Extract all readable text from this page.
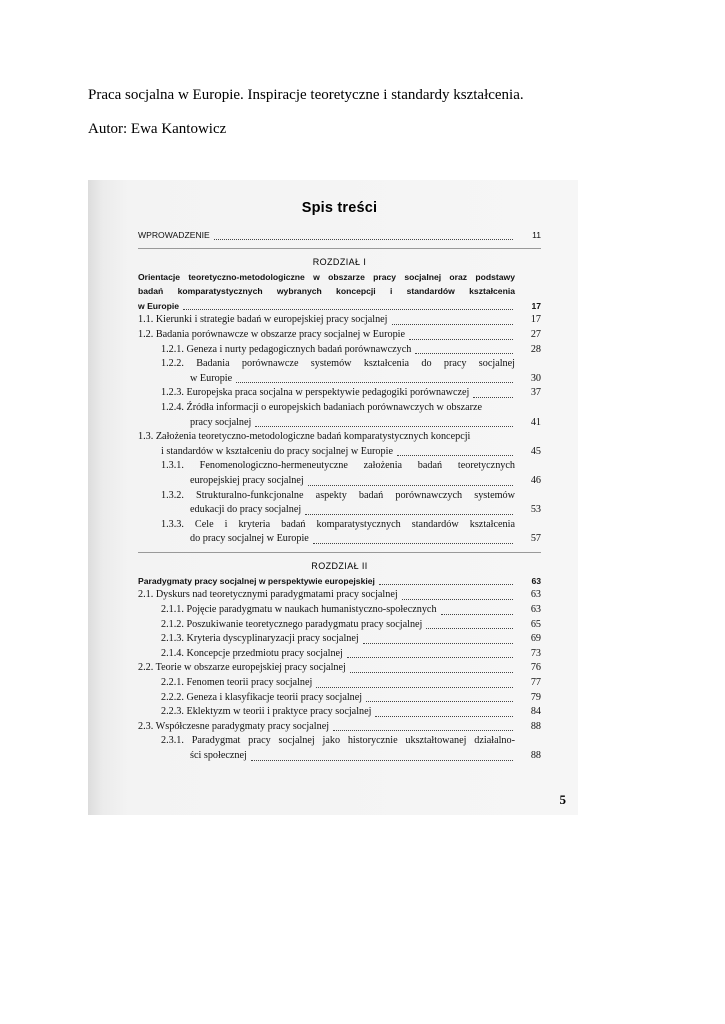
Praca socjalna w Europie. Inspiracje teoretyczne i standardy kształcenia.

Autor: Ewa Kantowicz

Spis treści
WPROWADZENIE	11
ROZDZIAŁ I
Orientacje teoretyczno-metodologiczne w obszarze pracy socjalnej oraz podstawy
badań komparatystycznych wybranych koncepcji i standardów kształcenia
w Europie	17
1.1. Kierunki i strategie badań w europejskiej pracy socjalnej	17
1.2. Badania porównawcze w obszarze pracy socjalnej w Europie	27
1.2.1. Geneza i nurty pedagogicznych badań porównawczych	28
1.2.2. Badania porównawcze systemów kształcenia do pracy socjalnej
w Europie	30
1.2.3. Europejska praca socjalna w perspektywie pedagogiki porównawczej	37
1.2.4. Źródła informacji o europejskich badaniach porównawczych w obszarze
pracy socjalnej	41
1.3. Założenia teoretyczno-metodologiczne badań komparatystycznych koncepcji
i standardów w kształceniu do pracy socjalnej w Europie	45
1.3.1. Fenomenologiczno-hermeneutyczne założenia badań teoretycznych
europejskiej pracy socjalnej	46
1.3.2. Strukturalno-funkcjonalne aspekty badań porównawczych systemów
edukacji do pracy socjalnej	53
1.3.3. Cele i kryteria badań komparatystycznych standardów kształcenia
do pracy socjalnej w Europie	57
ROZDZIAŁ II
Paradygmaty pracy socjalnej w perspektywie europejskiej	63
2.1. Dyskurs nad teoretycznymi paradygmatami pracy socjalnej	63
2.1.1. Pojęcie paradygmatu w naukach humanistyczno-społecznych	63
2.1.2. Poszukiwanie teoretycznego paradygmatu pracy socjalnej	65
2.1.3. Kryteria dyscyplinaryzacji pracy socjalnej	69
2.1.4. Koncepcje przedmiotu pracy socjalnej	73
2.2. Teorie w obszarze europejskiej pracy socjalnej	76
2.2.1. Fenomen teorii pracy socjalnej	77
2.2.2. Geneza i klasyfikacje teorii pracy socjalnej	79
2.2.3. Eklektyzm w teorii i praktyce pracy socjalnej	84
2.3. Współczesne paradygmaty pracy socjalnej	88
2.3.1. Paradygmat pracy socjalnej jako historycznie ukształtowanej działalno-
ści społecznej	88
5
